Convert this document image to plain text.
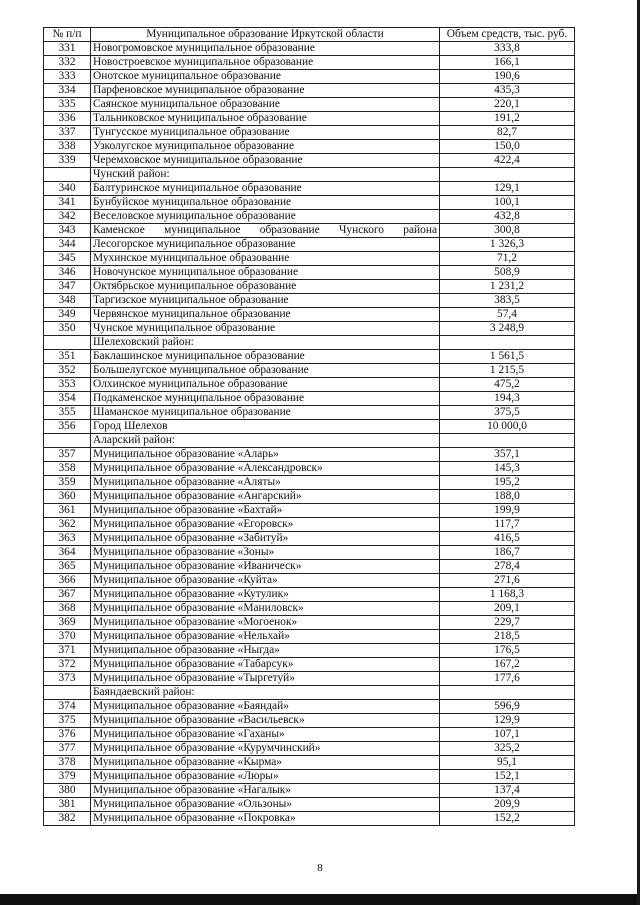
№ п/п	Муниципальное образование Иркутской области	Объем средств, тыс. руб.
331	Новогромовское муниципальное образование	333,8
332	Новостроевское муниципальное образование	166,1
333	Онотское муниципальное образование	190,6
334	Парфеновское муниципальное образование	435,3
335	Саянское муниципальное образование	220,1
336	Тальниковское муниципальное образование	191,2
337	Тунгусское муниципальное образование	82,7
338	Узколугское муниципальное образование	150,0
339	Черемховское муниципальное образование	422,4
	Чунский район:	
340	Балтуринское муниципальное образование	129,1
341	Бунбуйское муниципальное образование	100,1
342	Веселовское муниципальное образование	432,8
343	Каменское муниципальное образование Чунского района	300,8
344	Лесогорское муниципальное образование	1 326,3
345	Мухинское муниципальное образование	71,2
346	Новочунское муниципальное образование	508,9
347	Октябрьское муниципальное образование	1 231,2
348	Таргизское муниципальное образование	383,5
349	Червянское муниципальное образование	57,4
350	Чунское муниципальное образование	3 248,9
	Шелеховский район:	
351	Баклашинское муниципальное образование	1 561,5
352	Большелугское муниципальное образование	1 215,5
353	Олхинское муниципальное образование	475,2
354	Подкаменское муниципальное образование	194,3
355	Шаманское муниципальное образование	375,5
356	Город Шелехов	10 000,0
	Аларский район:	
357	Муниципальное образование «Аларь»	357,1
358	Муниципальное образование «Александровск»	145,3
359	Муниципальное образование «Аляты»	195,2
360	Муниципальное образование «Ангарский»	188,0
361	Муниципальное образование «Бахтай»	199,9
362	Муниципальное образование «Егоровск»	117,7
363	Муниципальное образование «Забитуй»	416,5
364	Муниципальное образование «Зоны»	186,7
365	Муниципальное образование «Иваническ»	278,4
366	Муниципальное образование «Куйта»	271,6
367	Муниципальное образование «Кутулик»	1 168,3
368	Муниципальное образование «Маниловск»	209,1
369	Муниципальное образование «Могоенок»	229,7
370	Муниципальное образование «Нельхай»	218,5
371	Муниципальное образование «Ныгда»	176,5
372	Муниципальное образование «Табарсук»	167,2
373	Муниципальное образование «Тыргетуй»	177,6
	Баяндаевский район:	
374	Муниципальное образование «Баяндай»	596,9
375	Муниципальное образование «Васильевск»	129,9
376	Муниципальное образование «Гаханы»	107,1
377	Муниципальное образование «Курумчинский»	325,2
378	Муниципальное образование «Кырма»	95,1
379	Муниципальное образование «Люры»	152,1
380	Муниципальное образование «Нагалык»	137,4
381	Муниципальное образование «Ользоны»	209,9
382	Муниципальное образование «Покровка»	152,2
8
